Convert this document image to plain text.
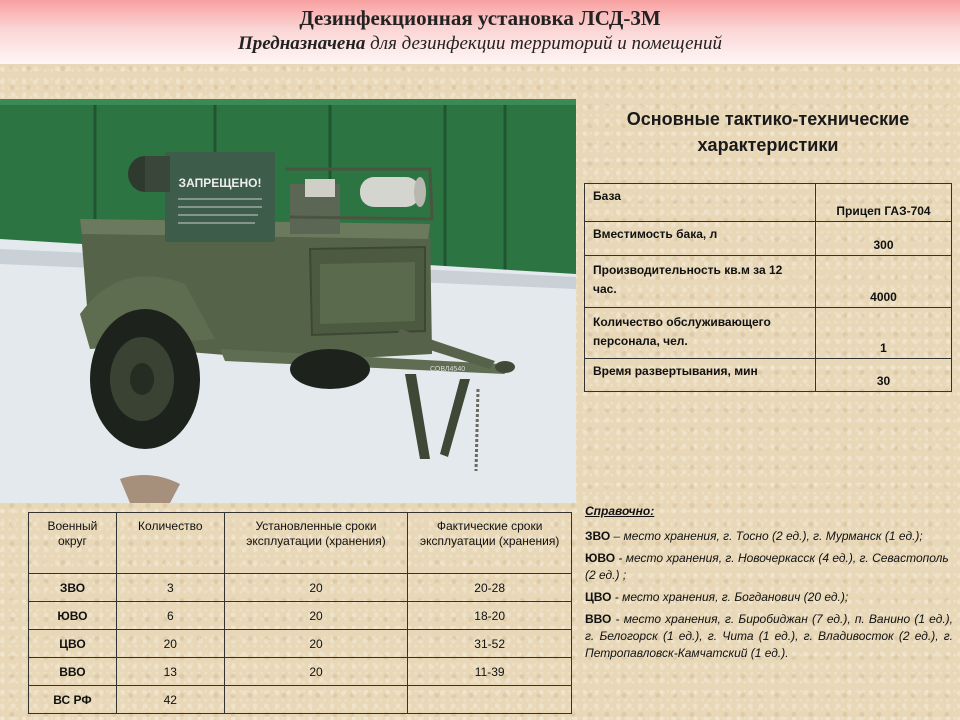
Дезинфекционная установка ЛСД-3М
Предназначена для дезинфекции территорий и помещений
ЗАПРЕЩЕНО!
СОВЛ4540
Основные тактико-технические характеристики
База	Прицеп ГАЗ-704
Вместимость бака, л	300
Производительность кв.м за 12 час.	4000
Количество обслуживающего персонала, чел.	1
Время развертывания, мин	30
Военный округ	Количество	Установленные сроки эксплуатации (хранения)	Фактические сроки эксплуатации (хранения)
ЗВО	3	20	20-28
ЮВО	6	20	18-20
ЦВО	20	20	31-52
ВВО	13	20	11-39
ВС РФ	42		
Справочно:

ЗВО – место хранения, г. Тосно (2 ед.), г. Мурманск (1 ед.);

ЮВО - место хранения, г. Новочеркасск (4 ед.), г. Севастополь (2 ед.) ;

ЦВО - место хранения, г. Богданович (20 ед.);

ВВО - место хранения, г. Биробиджан (7 ед.), п. Ванино (1 ед.), г. Белогорск (1 ед.), г. Чита (1 ед.), г. Владивосток (2 ед.), г. Петропавловск-Камчатский (1 ед.).
